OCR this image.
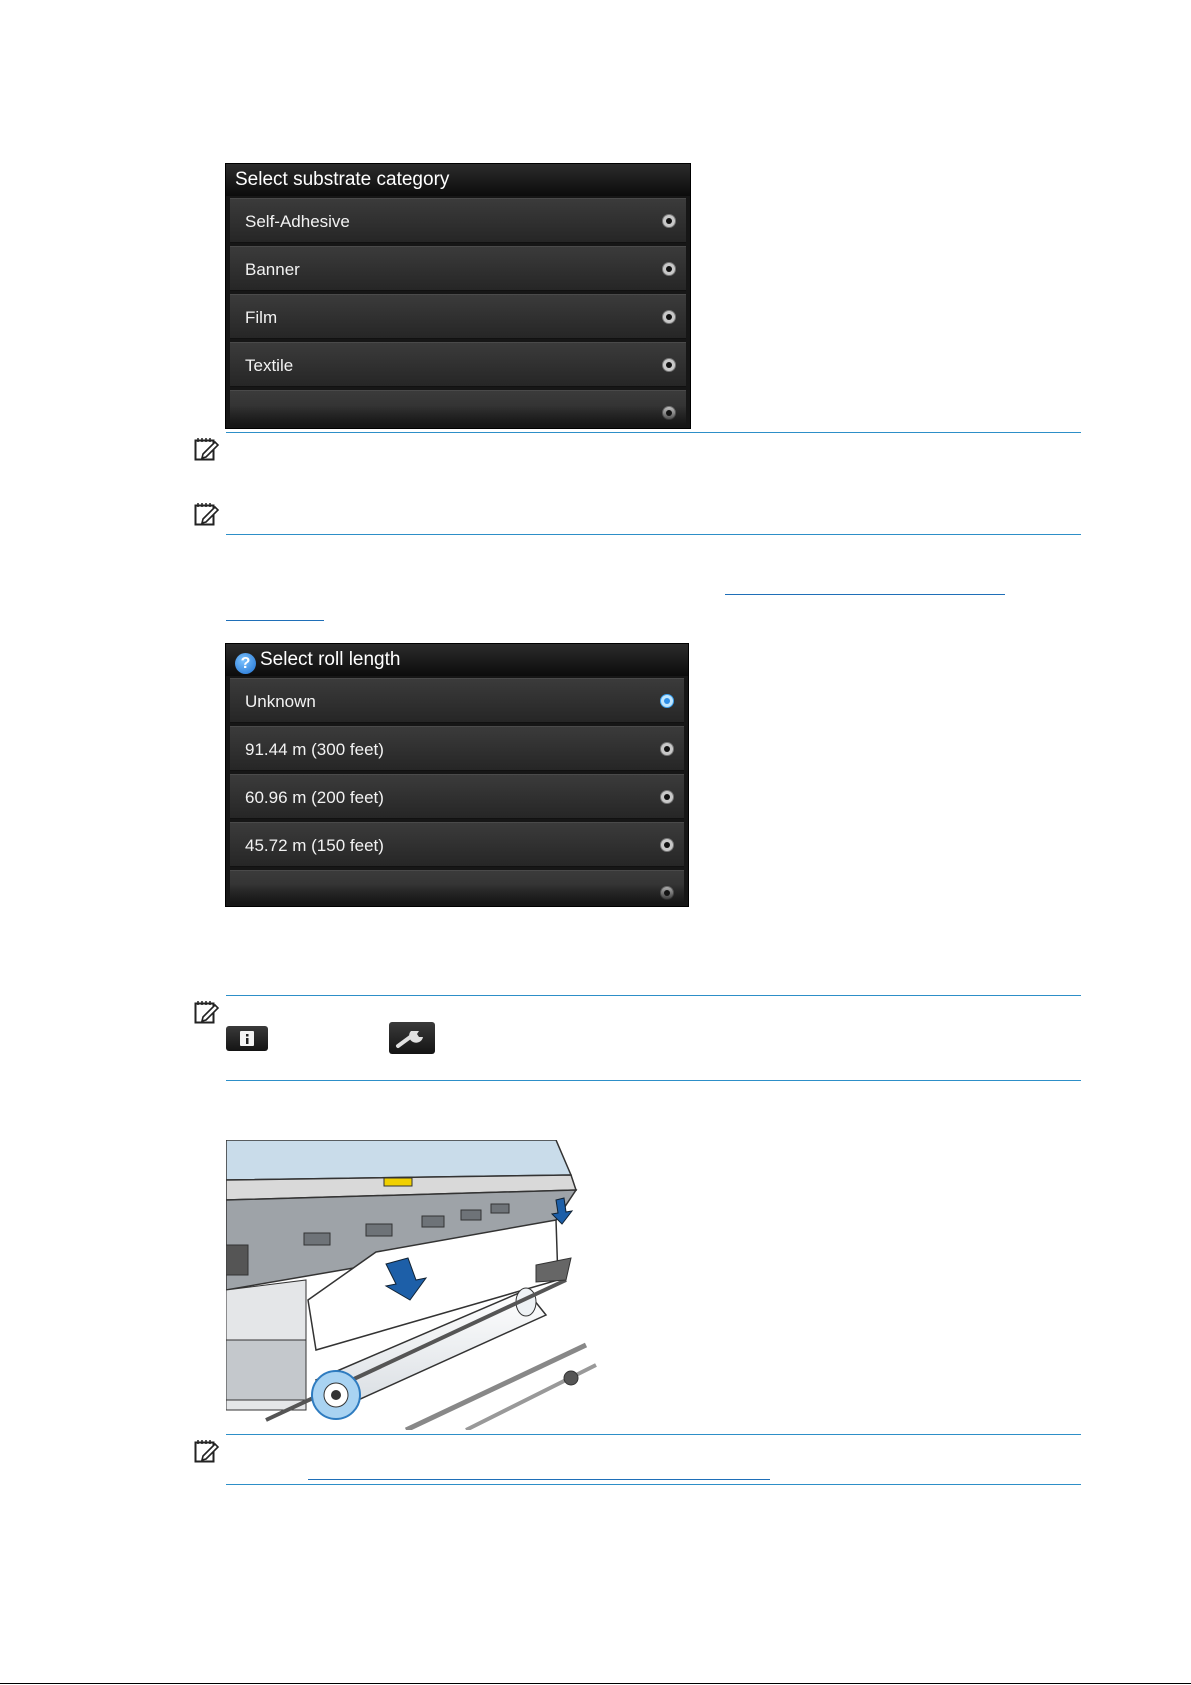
Select substrate category
Self-Adhesive
Banner
Film
Textile
? Select roll length
Unknown
91.44 m (300 feet)
60.96 m (200 feet)
45.72 m (150 feet)
